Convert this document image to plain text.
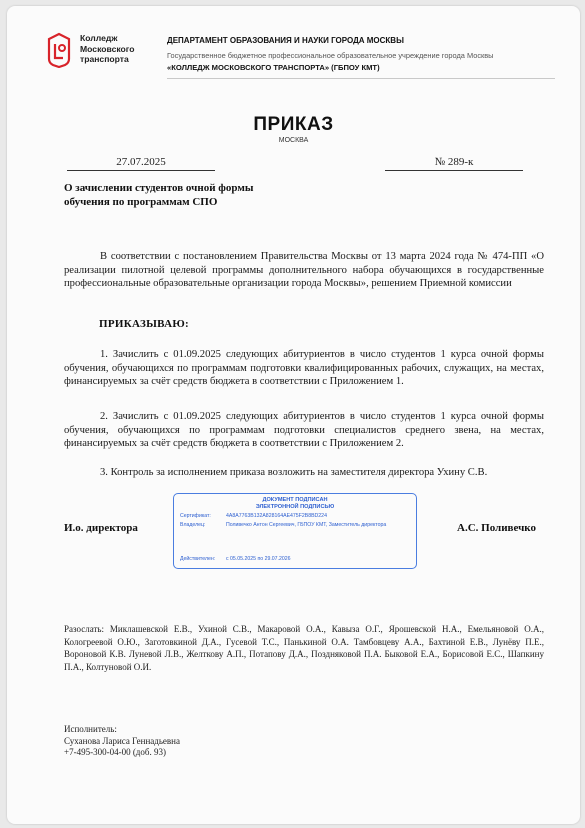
Колледж
Московского
транспорта
ДЕПАРТАМЕНТ ОБРАЗОВАНИЯ И НАУКИ ГОРОДА МОСКВЫ
Государственное бюджетное профессиональное образовательное учреждение города Москвы
«КОЛЛЕДЖ МОСКОВСКОГО ТРАНСПОРТА» (ГБПОУ КМТ)
ПРИКАЗ
МОСКВА
27.07.2025	№ 289-к
О зачислении студентов очной формы обучения по программам СПО
В соответствии с постановлением Правительства Москвы от 13 марта 2024 года № 474-ПП «О реализации пилотной целевой программы дополнительного набора обучающихся в государственные профессиональные образовательные организации города Москвы», решением Приемной комиссии
ПРИКАЗЫВАЮ:
1. Зачислить с 01.09.2025 следующих абитуриентов в число студентов 1 курса очной формы обучения, обучающихся по программам подготовки квалифицированных рабочих, служащих, на местах, финансируемых за счёт средств бюджета в соответствии с Приложением 1.
2. Зачислить с 01.09.2025 следующих абитуриентов в число студентов 1 курса очной формы обучения, обучающихся по программам подготовки специалистов среднего звена, на местах, финансируемых за счёт средств бюджета в соответствии с Приложением 2.
3. Контроль за исполнением приказа возложить на заместителя директора Ухину С.В.
И.о. директора
ДОКУМЕНТ ПОДПИСАН
ЭЛЕКТРОННОЙ ПОДПИСЬЮ
Сертификат:	4A8A7763B132A828164AE475F2B8BD224
Владелец:	Поливечко Антон Сергеевич, ГБПОУ КМТ, Заместитель директора
Действителен:	с 05.05.2025 по 29.07.2026
А.С. Поливечко
Разослать: Миклашевской Е.В., Ухиной С.В., Макаровой О.А., Кавыза О.Г., Ярошевской Н.А., Емельяновой О.А., Кологреевой О.Ю., Заготовкиной Д.А., Гусевой Т.С., Панькиной О.А. Тамбовцеву А.А., Бахтиной Е.В., Лунёву П.Е., Вороновой К.В. Луневой Л.В., Желткову А.П., Потапову Д.А., Поздняковой П.А. Быковой Е.А., Борисовой Е.С., Шапкину П.А., Колтуновой О.И.
Исполнитель:
Суханова Лариса Геннадьевна
+7-495-300-04-00 (доб. 93)
